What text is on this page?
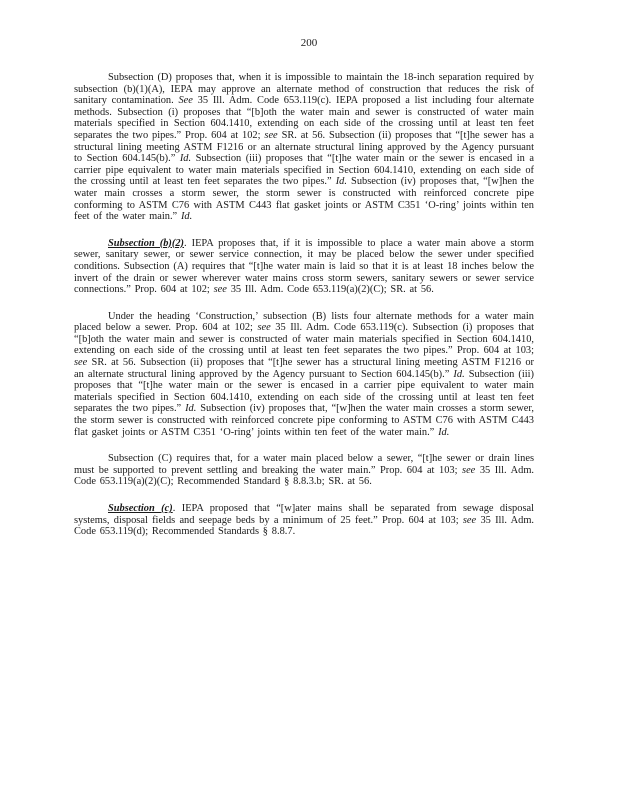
200

Subsection (D) proposes that, when it is impossible to maintain the 18-inch separation required by subsection (b)(1)(A), IEPA may approve an alternate method of construction that reduces the risk of sanitary contamination. See 35 Ill. Adm. Code 653.119(c). IEPA proposed a list including four alternate methods. Subsection (i) proposes that “[b]oth the water main and sewer is constructed of water main materials specified in Section 604.1410, extending on each side of the crossing until at least ten feet separates the two pipes.” Prop. 604 at 102; see SR. at 56. Subsection (ii) proposes that “[t]he sewer has a structural lining meeting ASTM F1216 or an alternate structural lining approved by the Agency pursuant to Section 604.145(b).” Id. Subsection (iii) proposes that “[t]he water main or the sewer is encased in a carrier pipe equivalent to water main materials specified in Section 604.1410, extending on each side of the crossing until at least ten feet separates the two pipes.” Id. Subsection (iv) proposes that, “[w]hen the water main crosses a storm sewer, the storm sewer is constructed with reinforced concrete pipe conforming to ASTM C76 with ASTM C443 flat gasket joints or ASTM C351 ‘O-ring’ joints within ten feet of the water main.” Id.

Subsection (b)(2). IEPA proposes that, if it is impossible to place a water main above a storm sewer, sanitary sewer, or sewer service connection, it may be placed below the sewer under specified conditions. Subsection (A) requires that “[t]he water main is laid so that it is at least 18 inches below the invert of the drain or sewer wherever water mains cross storm sewers, sanitary sewers or sewer service connections.” Prop. 604 at 102; see 35 Ill. Adm. Code 653.119(a)(2)(C); SR. at 56.

Under the heading ‘Construction,’ subsection (B) lists four alternate methods for a water main placed below a sewer. Prop. 604 at 102; see 35 Ill. Adm. Code 653.119(c). Subsection (i) proposes that “[b]oth the water main and sewer is constructed of water main materials specified in Section 604.1410, extending on each side of the crossing until at least ten feet separates the two pipes.” Prop. 604 at 103; see SR. at 56. Subsection (ii) proposes that “[t]he sewer has a structural lining meeting ASTM F1216 or an alternate structural lining approved by the Agency pursuant to Section 604.145(b).” Id. Subsection (iii) proposes that “[t]he water main or the sewer is encased in a carrier pipe equivalent to water main materials specified in Section 604.1410, extending on each side of the crossing until at least ten feet separates the two pipes.” Id. Subsection (iv) proposes that, “[w]hen the water main crosses a storm sewer, the storm sewer is constructed with reinforced concrete pipe conforming to ASTM C76 with ASTM C443 flat gasket joints or ASTM C351 ‘O-ring’ joints within ten feet of the water main.” Id.

Subsection (C) requires that, for a water main placed below a sewer, “[t]he sewer or drain lines must be supported to prevent settling and breaking the water main.” Prop. 604 at 103; see 35 Ill. Adm. Code 653.119(a)(2)(C); Recommended Standard § 8.8.3.b; SR. at 56.

Subsection (c). IEPA proposed that “[w]ater mains shall be separated from sewage disposal systems, disposal fields and seepage beds by a minimum of 25 feet.” Prop. 604 at 103; see 35 Ill. Adm. Code 653.119(d); Recommended Standards § 8.8.7.
